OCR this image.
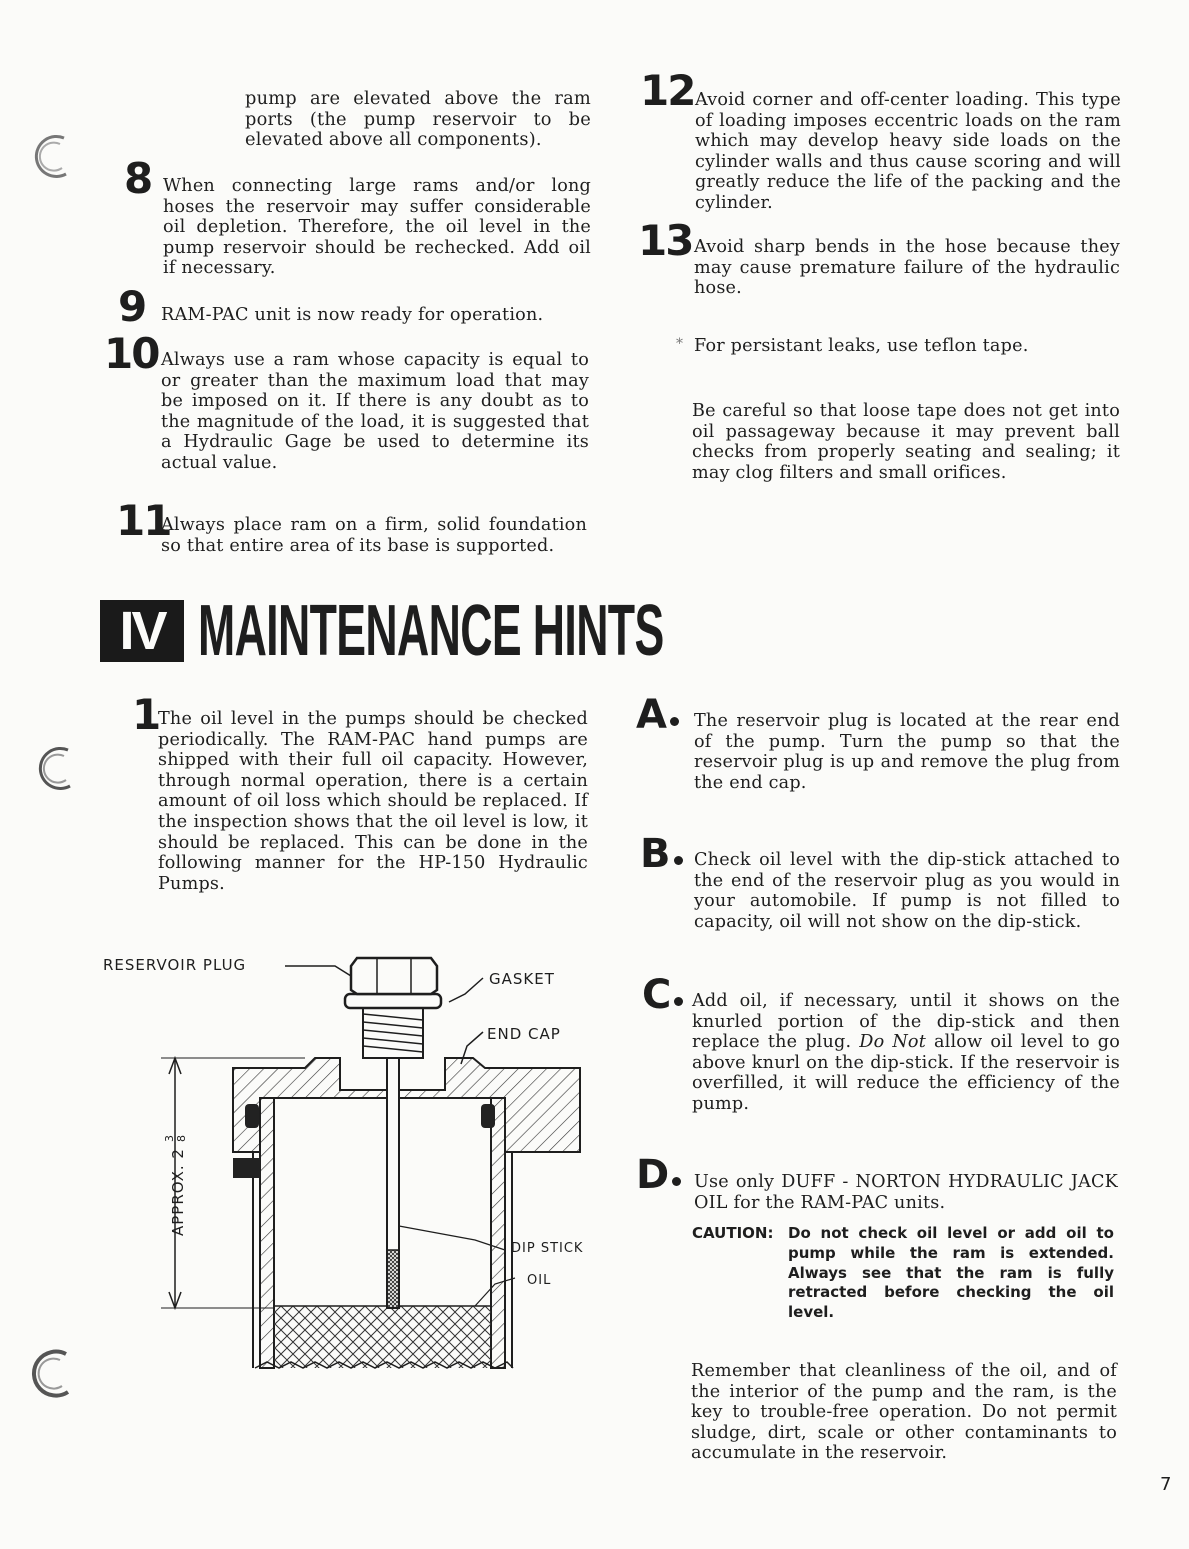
pump are elevated above the ram ports (the pump reservoir to be elevated above all components).

8 When connecting large rams and/or long hoses the reservoir may suffer considerable oil depletion. Therefore, the oil level in the pump reservoir should be rechecked. Add oil if necessary.

9 RAM-PAC unit is now ready for operation.

10 Always use a ram whose capacity is equal to or greater than the maximum load that may be imposed on it. If there is any doubt as to the magnitude of the load, it is suggested that a Hydraulic Gage be used to determine its actual value.

11

Always place ram on a firm, solid foundation so that entire area of its base is supported.

12 Avoid corner and off-center loading. This type of loading imposes eccentric loads on the ram which may develop heavy side loads on the cylinder walls and thus cause scoring and will greatly reduce the life of the packing and the cylinder.

13 Avoid sharp bends in the hose because they may cause premature failure of the hydraulic hose.

* For persistant leaks, use teflon tape.

Be careful so that loose tape does not get into oil passageway because it may prevent ball checks from properly seating and sealing; it may clog filters and small orifices.

IV MAINTENANCE HINTS
1

The oil level in the pumps should be checked periodically. The RAM-PAC hand pumps are shipped with their full oil capacity. However, through normal operation, there is a certain amount of oil loss which should be replaced. If the inspection shows that the oil level is low, it should be replaced. This can be done in the following manner for the HP-150 Hydraulic Pumps.

A	The reservoir plug is located at the rear end of the pump. Turn the pump so that the reservoir plug is up and remove the plug from the end cap.

B	Check oil level with the dip-stick attached to the end of the reservoir plug as you would in your automobile. If pump is not filled to capacity, oil will not show on the dip-stick.

C	Add oil, if necessary, until it shows on the knurled portion of the dip-stick and then replace the plug. Do Not allow oil level to go above knurl on the dip-stick. If the reservoir is overfilled, it will reduce the efficiency of the pump.

D	Use only DUFF - NORTON HYDRAULIC JACK OIL for the RAM-PAC units.

CAUTION: Do not check oil level or add oil to pump while the ram is extended. Always see that the ram is fully retracted before checking the oil level.

Remember that cleanliness of the oil, and of the interior of the pump and the ram, is the key to trouble-free operation. Do not permit sludge, dirt, scale or other contaminants to accumulate in the reservoir.

APPROX. 2
3 8
RESERVOIR PLUG
GASKET
END CAP
DIP STICK
OIL
7
